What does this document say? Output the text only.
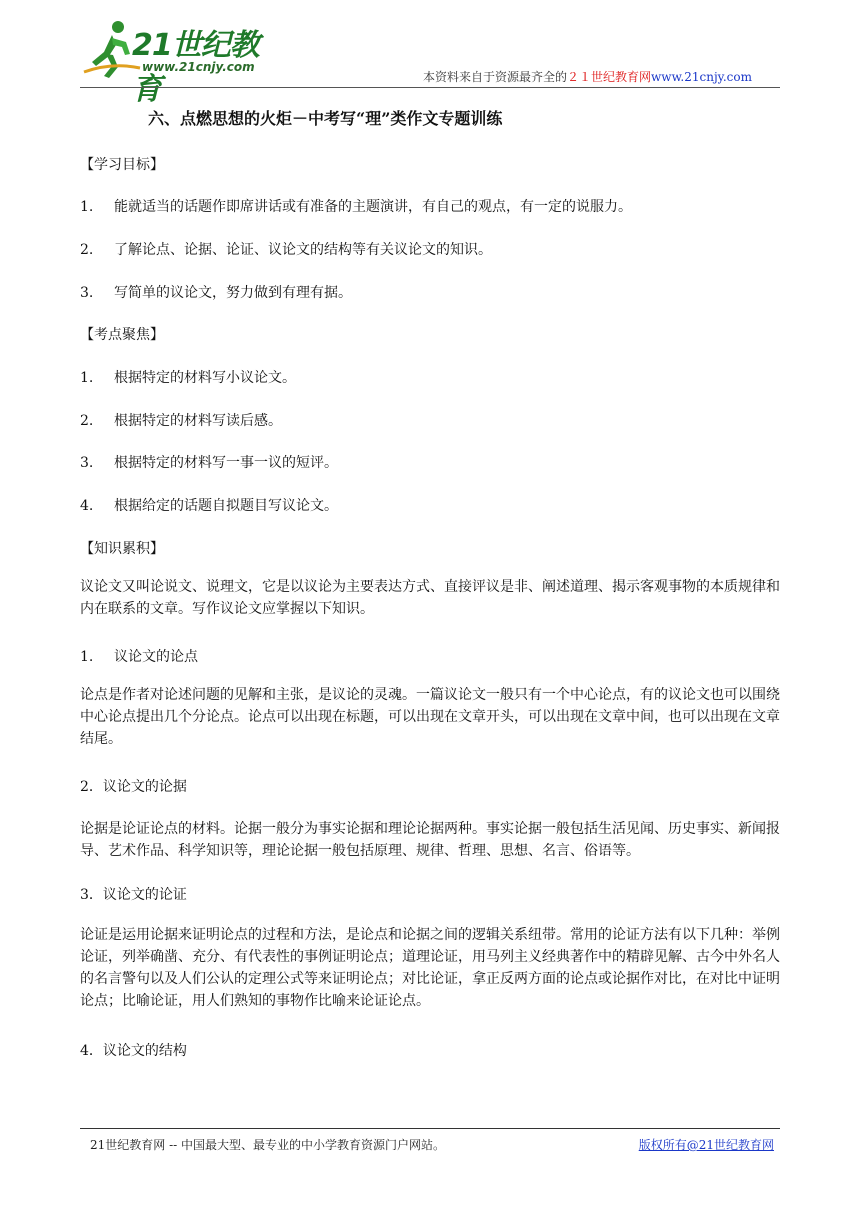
21世纪教育
www.21cnjy.com
本资料来自于资源最齐全的２１世纪教育网www.21cnjy.com
六、点燃思想的火炬－中考写“理”类作文专题训练
【学习目标】
1. 能就适当的话题作即席讲话或有准备的主题演讲，有自己的观点，有一定的说服力。
2. 了解论点、论据、论证、议论文的结构等有关议论文的知识。
3. 写简单的议论文，努力做到有理有据。
【考点聚焦】
1. 根据特定的材料写小议论文。
2. 根据特定的材料写读后感。
3. 根据特定的材料写一事一议的短评。
4. 根据给定的话题自拟题目写议论文。
【知识累积】
议论文又叫论说文、说理文，它是以议论为主要表达方式、直接评议是非、阐述道理、揭示客观事物的本质规律和内在联系的文章。写作议论文应掌握以下知识。
1. 议论文的论点
论点是作者对论述问题的见解和主张，是议论的灵魂。一篇议论文一般只有一个中心论点，有的议论文也可以围绕中心论点提出几个分论点。论点可以出现在标题，可以出现在文章开头，可以出现在文章中间，也可以出现在文章结尾。
2．议论文的论据
论据是论证论点的材料。论据一般分为事实论据和理论论据两种。事实论据一般包括生活见闻、历史事实、新闻报导、艺术作品、科学知识等，理论论据一般包括原理、规律、哲理、思想、名言、俗语等。
3．议论文的论证
论证是运用论据来证明论点的过程和方法，是论点和论据之间的逻辑关系纽带。常用的论证方法有以下几种：举例论证，列举确凿、充分、有代表性的事例证明论点；道理论证，用马列主义经典著作中的精辟见解、古今中外名人的名言警句以及人们公认的定理公式等来证明论点；对比论证，拿正反两方面的论点或论据作对比，在对比中证明论点；比喻论证，用人们熟知的事物作比喻来论证论点。
4．议论文的结构
21世纪教育网 -- 中国最大型、最专业的中小学教育资源门户网站。	版权所有@21世纪教育网
